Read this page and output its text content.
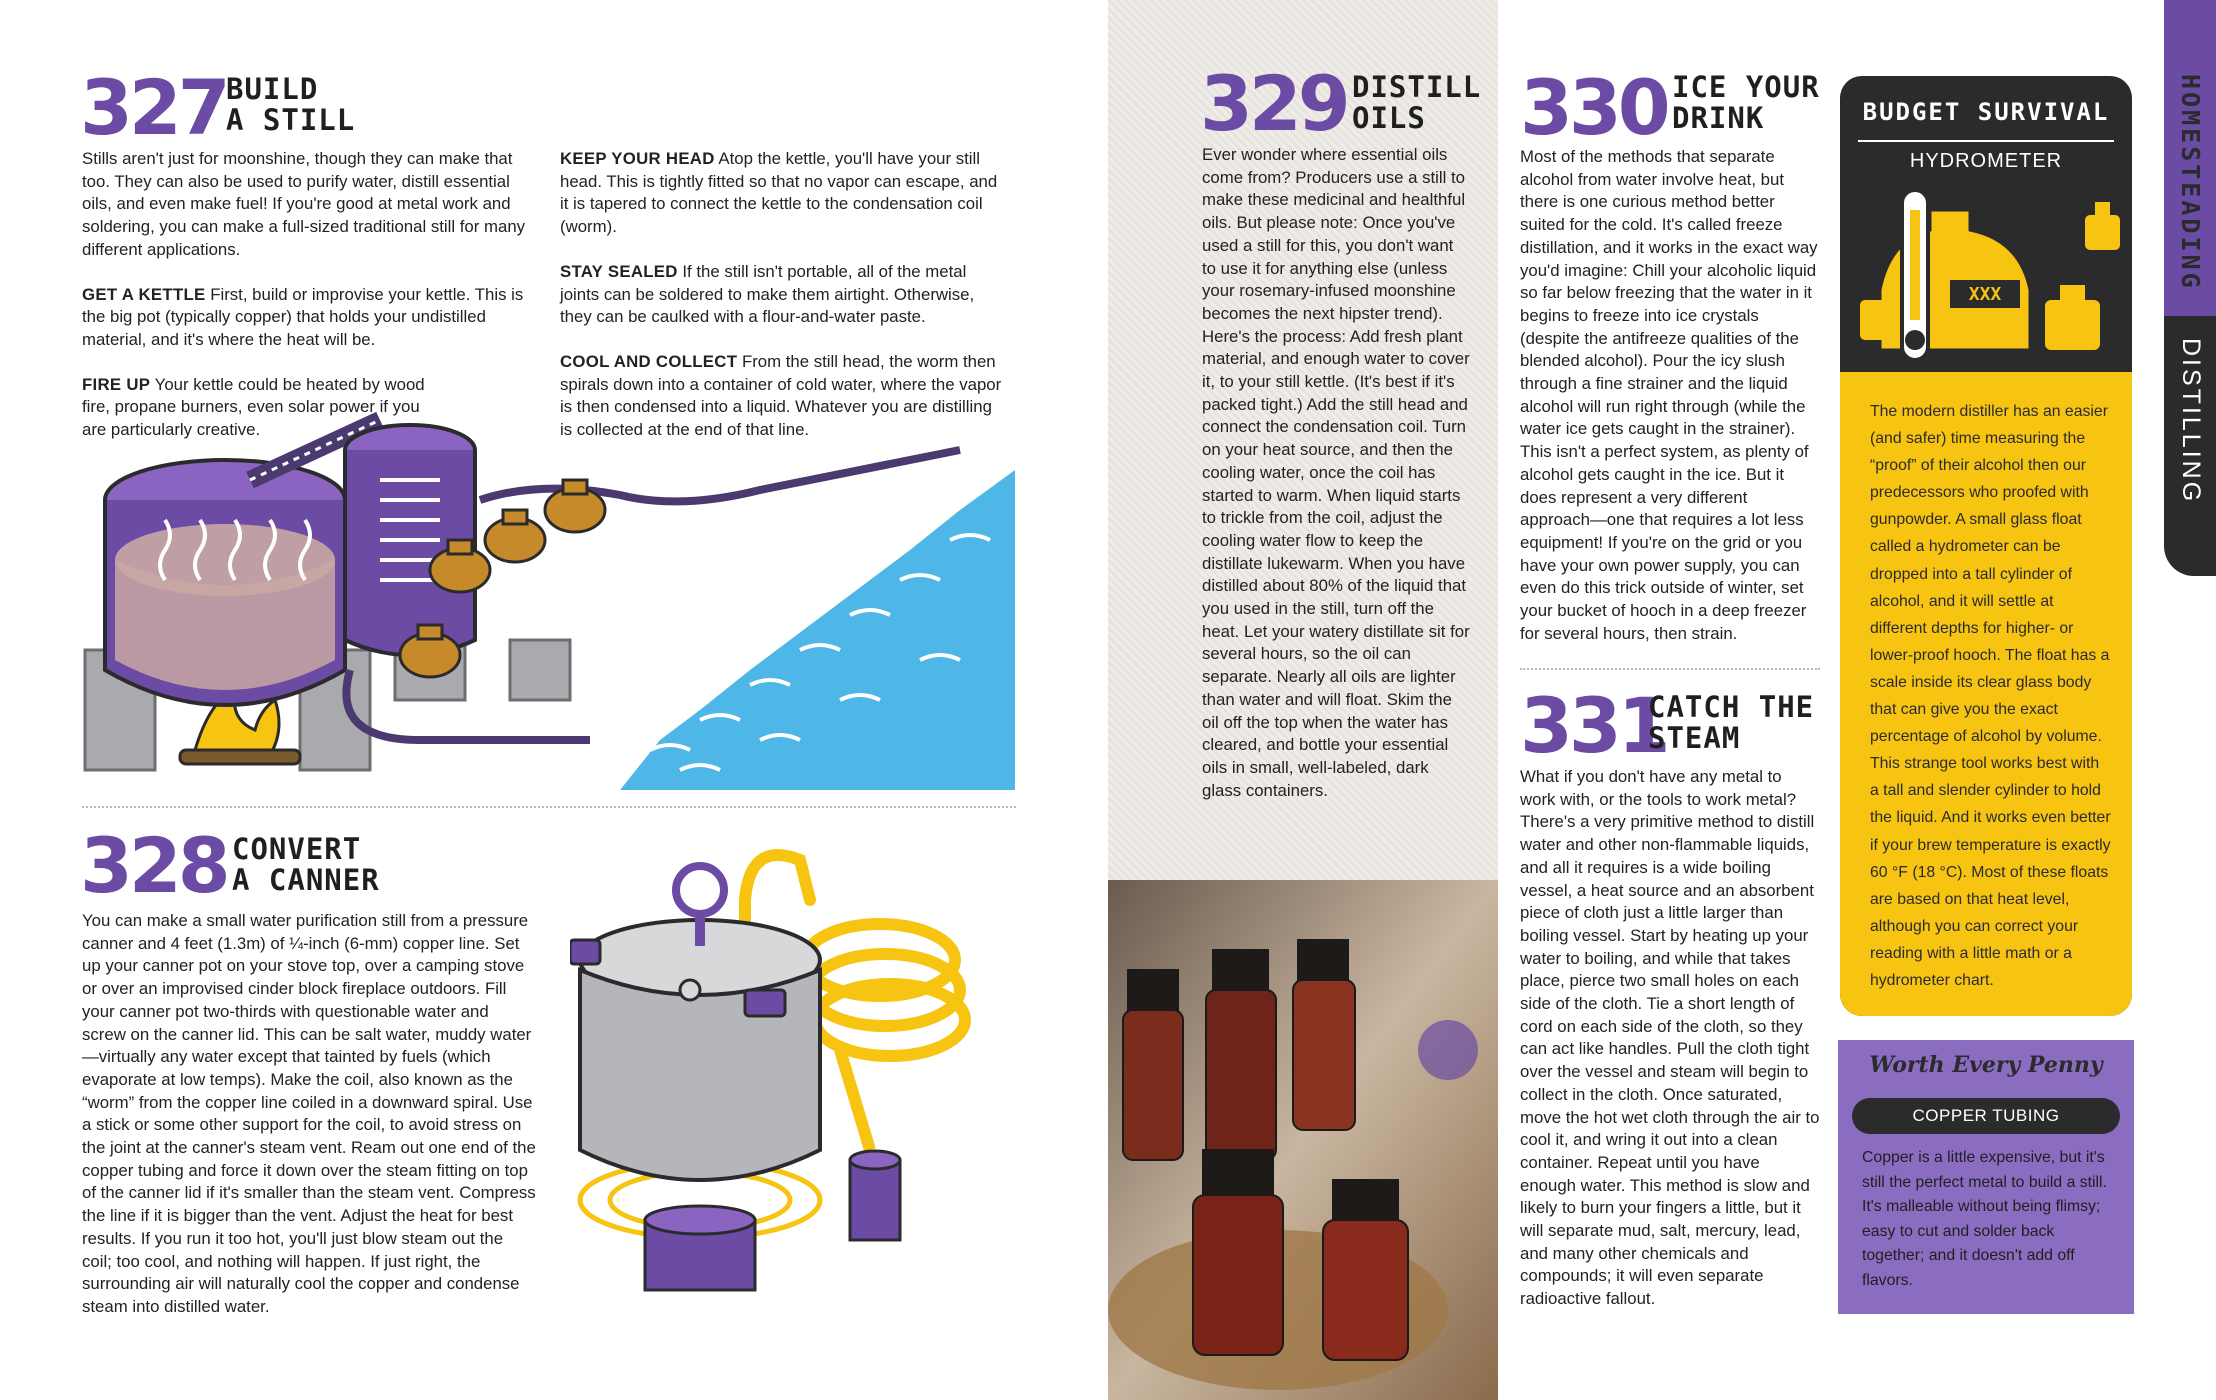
327 BUILD
A STILL

Stills aren't just for moonshine, though they can make that too. They can also be used to purify water, distill essential oils, and even make fuel! If you're good at metal work and soldering, you can make a full-sized traditional still for many different applications.

GET A KETTLE First, build or improvise your kettle. This is the big pot (typically copper) that holds your undistilled material, and it's where the heat will be.

FIRE UP Your kettle could be heated by wood fire, propane burners, even solar power if you are particularly creative.

KEEP YOUR HEAD Atop the kettle, you'll have your still head. This is tightly fitted so that no vapor can escape, and it is tapered to connect the kettle to the condensation coil (worm).

STAY SEALED If the still isn't portable, all of the metal joints can be soldered to make them airtight. Otherwise, they can be caulked with a flour-and-water paste.

COOL AND COLLECT From the still head, the worm then spirals down into a container of cold water, where the vapor is then condensed into a liquid. Whatever you are distilling is collected at the end of that line.

328 CONVERT
A CANNER
You can make a small water purification still from a pressure canner and 4 feet (1.3m) of ¼-inch (6-mm) copper line. Set up your canner pot on your stove top, over a camping stove or over an improvised cinder block fireplace outdoors. Fill your canner pot two-thirds with questionable water and screw on the canner lid. This can be salt water, muddy water—virtually any water except that tainted by fuels (which evaporate at low temps). Make the coil, also known as the “worm” from the copper line coiled in a downward spiral. Use a stick or some other support for the coil, to avoid stress on the joint at the canner's steam vent. Ream out one end of the copper tubing and force it down over the steam fitting on top of the canner lid if it's smaller than the steam vent. Compress the line if it is bigger than the vent. Adjust the heat for best results. If you run it too hot, you'll just blow steam out the coil; too cool, and nothing will happen. If just right, the surrounding air will naturally cool the copper and condense steam into distilled water.
329 DISTILL
OILS
Ever wonder where essential oils come from? Producers use a still to make these medicinal and healthful oils. But please note: Once you've used a still for this, you don't want to use it for anything else (unless your rosemary-infused moonshine becomes the next hipster trend). Here's the process: Add fresh plant material, and enough water to cover it, to your still kettle. (It's best if it's packed tight.) Add the still head and connect the condensation coil. Turn on your heat source, and then the cooling water, once the coil has started to warm. When liquid starts to trickle from the coil, adjust the cooling water flow to keep the distillate lukewarm. When you have distilled about 80% of the liquid that you used in the still, turn off the heat. Let your watery distillate sit for several hours, so the oil can separate. Nearly all oils are lighter than water and will float. Skim the oil off the top when the water has cleared, and bottle your essential oils in small, well-labeled, dark glass containers.
330 ICE YOUR
DRINK
Most of the methods that separate alcohol from water involve heat, but there is one curious method better suited for the cold. It's called freeze distillation, and it works in the exact way you'd imagine: Chill your alcoholic liquid so far below freezing that the water in it begins to freeze into ice crystals (despite the antifreeze qualities of the blended alcohol). Pour the icy slush through a fine strainer and the liquid alcohol will run right through (while the water ice gets caught in the strainer). This isn't a perfect system, as plenty of alcohol gets caught in the ice. But it does represent a very different approach—one that requires a lot less equipment! If you're on the grid or you have your own power supply, you can even do this trick outside of winter, set your bucket of hooch in a deep freezer for several hours, then strain.
331
CATCH THE
STEAM
What if you don't have any metal to work with, or the tools to work metal? There's a very primitive method to distill water and other non-flammable liquids, and all it requires is a wide boiling vessel, a heat source and an absorbent piece of cloth just a little larger than boiling vessel. Start by heating up your water to boiling, and while that takes place, pierce two small holes on each side of the cloth. Tie a short length of cord on each side of the cloth, so they can act like handles. Pull the cloth tight over the vessel and steam will begin to collect in the cloth. Once saturated, move the hot wet cloth through the air to cool it, and wring it out into a clean container. Repeat until you have enough water. This method is slow and likely to burn your fingers a little, but it will separate mud, salt, mercury, lead, and many other chemicals and compounds; it will even separate radioactive fallout.
BUDGET SURVIVAL
HYDROMETER
XXX
The modern distiller has an easier (and safer) time measuring the “proof” of their alcohol then our predecessors who proofed with gunpowder. A small glass float called a hydrometer can be dropped into a tall cylinder of alcohol, and it will settle at different depths for higher- or lower-proof hooch. The float has a scale inside its clear glass body that can give you the exact percentage of alcohol by volume. This strange tool works best with a tall and slender cylinder to hold the liquid. And it works even better if your brew temperature is exactly 60 °F (18 °C). Most of these floats are based on that heat level, although you can correct your reading with a little math or a hydrometer chart.
Worth Every Penny
COPPER TUBING
Copper is a little expensive, but it's still the perfect metal to build a still. It's malleable without being flimsy; easy to cut and solder back together; and it doesn't add off flavors.
HOMESTEADING
DISTILLING
